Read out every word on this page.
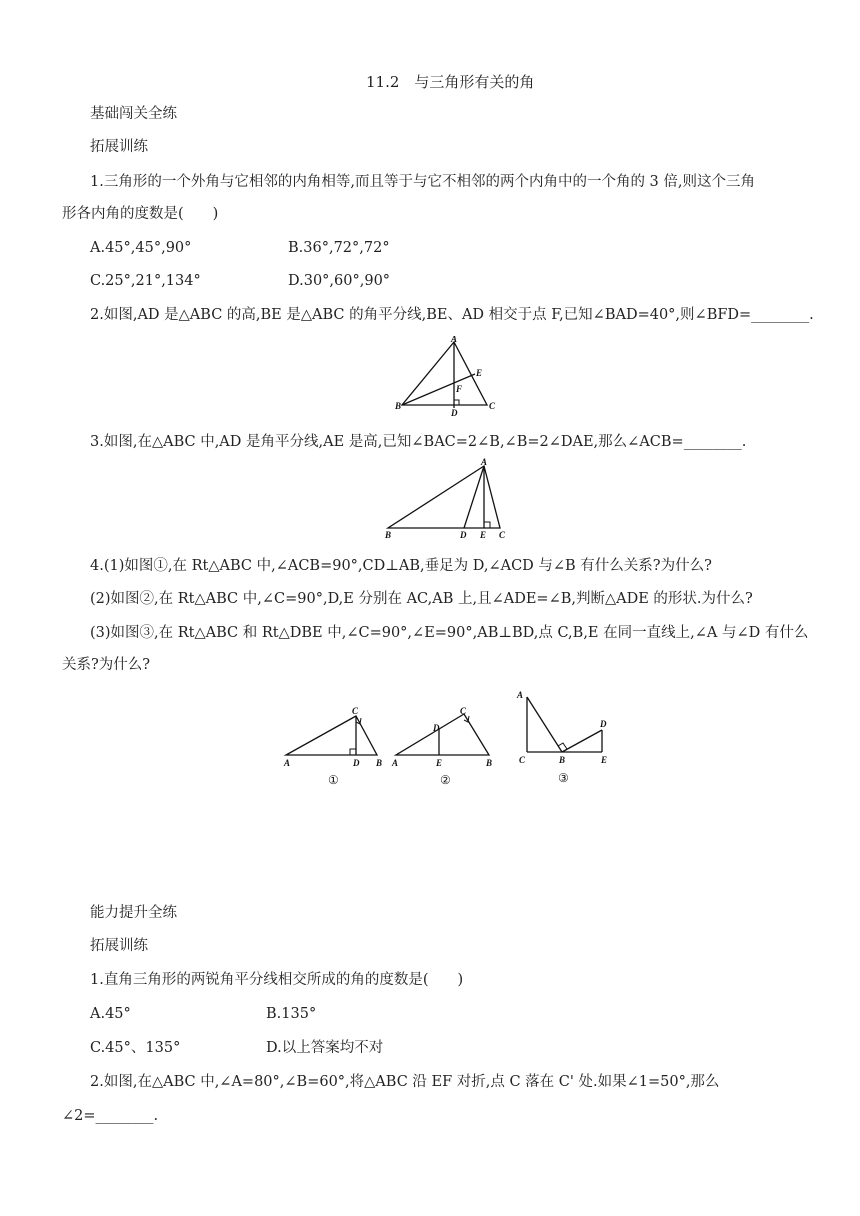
11.2　与三角形有关的角
基础闯关全练
拓展训练
1.三角形的一个外角与它相邻的内角相等,而且等于与它不相邻的两个内角中的一个角的 3 倍,则这个三角
形各内角的度数是(　　)
A.45°,45°,90°	B.36°,72°,72°
C.25°,21°,134°	D.30°,60°,90°
2.如图,AD 是△ABC 的高,BE 是△ABC 的角平分线,BE、AD 相交于点 F,已知∠BAD=40°,则∠BFD=________.
A
B	C
D
E
F
3.如图,在△ABC 中,AD 是角平分线,AE 是高,已知∠BAC=2∠B,∠B=2∠DAE,那么∠ACB=________.
A
B	C
D E
4.(1)如图①,在 Rt△ABC 中,∠ACB=90°,CD⊥AB,垂足为 D,∠ACD 与∠B 有什么关系?为什么?
(2)如图②,在 Rt△ABC 中,∠C=90°,D,E 分别在 AC,AB 上,且∠ADE=∠B,判断△ADE 的形状.为什么?
(3)如图③,在 Rt△ABC 和 Rt△DBE 中,∠C=90°,∠E=90°,AB⊥BD,点 C,B,E 在同一直线上,∠A 与∠D 有什么
关系?为什么?
C
A	B
D
①
C
D
A	B
E
②
A
D
C	B	E
③
能力提升全练
拓展训练
1.直角三角形的两锐角平分线相交所成的角的度数是(　　)
A.45°	B.135°
C.45°、135°	D.以上答案均不对
2.如图,在△ABC 中,∠A=80°,∠B=60°,将△ABC 沿 EF 对折,点 C 落在 C' 处.如果∠1=50°,那么
∠2=________.
